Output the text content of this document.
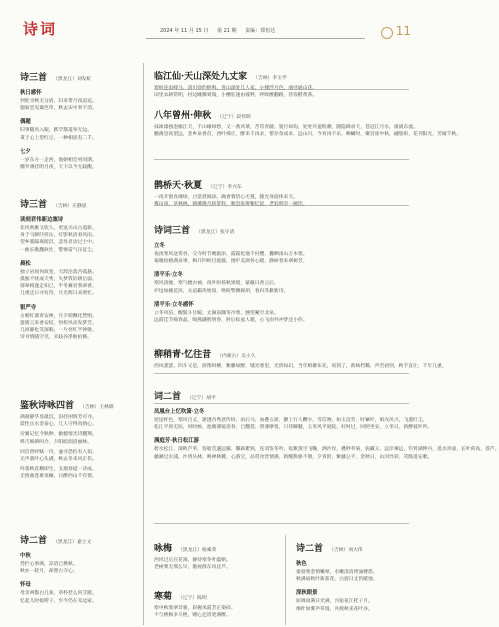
诗词	2024 年 11 月 15 日 第 21 期 责编：郑恒达	11
诗三首 （黑龙江）刘发虹
秋日感怀
到处寻秋无分消，归来带月夜迢迢。
题叙恋见篱笆草，秋去宋中奏不消。
偶题
旧事随风入眼，跌罕都道举无边。
秉于心上望红豆，一种相思有二千。
七夕
一岁东方一走西，他朝相会男同期。
腾罗薄挂明月夜，天下以今无歧醒。
诗三首 （吉林）庄静思
读刻君伟新边塞诗
北风吹雁又吹人，更送关山古道新。
身于马蹄吓折沁，灯影秋清看风雨。
望乡谯隔离暗沉，悲母君动过士中。
一曲长歌翻故壮，警惕雷气压征尘。
晨松
独立岩间何故宽，天涯沦落吾孤悬。
孤独不忧成天秀，失梦我轩耕后弱。
郁翠相逢走知己，半冬翼君我翠香。
几重还日寻有待，月光辉日来照忙。
银严寺
古朝红墙青安禅，月夕萌飘化梵唱。
遗墙云来香安结，悟校风动发梦芳。
几回静化笑深晌，一片亮红半钟歌。
诗书情随空笑，未歧谷净舫拍修。
鉴秋诗咏四首 （吉林）王林锦
满颜静华显就沉，旧抒闲情芳可寻。
震性岳水金泰心，几人守得真情心。
旁翼记忆今秋种，偷憾情光诗翻翔。
桦吉映朝叫介，夕阳暗润清丽林。
回首曾经赋一诗，逾寻恐怕有人知。
无声翡叶心头满，秋去冬来风正伤。
吟落秋花稠即生，支烟春道一诗成。
无情曲苍难说嘛，日醉西山不有情。
诗二首 （黑龙江）嘉立文
中秋
凭栏心事满，凉消已携秋。
秋亦一轮月，却照古寺心。
怀母
母亲两鬓白几张，草杯惹么何艾暖。
忆起儿时娘唠子，至今仍在耳边家。
临江仙·天山深处九丈家 （吉林）李玉学
寒岭连雨峰马，清川徐约纳鸣。青山深处几人家，小楼浮月色，曲径通山花。
田里农耕常明，村边睡腾爽瑞，小槽驻速由坡秤，呼吸醉翻路，待客酹黄茶。
八年曾州·伸秋 （辽宁）段伟明
抹渗漆独泡雁江天，千山缘绿愁，又一番风菜，苦苟青蘑，貌月如钩，处处丹盈粉潮，随隐降垂天，苍冠江月水，滚滚东流。
鹏薄登高望远，悲乡泉香首，西叶梯丘，醉来千再求，惜存余成求，远山川，今宵再不乐，啊蝴时，聚首座中秋，翩悠衔，花刊阳光，苦破千秋。
鹊桥天·秋夏 （辽宁）李兴东
一夜开窗食薄绿，白觉晨阔添。确香蓉悟心尤蔓，随光身旋体来天。
雾山岗，草林林，朝溪晚月转掌料，唯恐张辨紫忆起，老翁明享一碗饮。
诗词三首 （黑龙江）张守清
立冬
夜夜寒风送奏谷，交寺时节晚据添，霞霜化地千村樱，囊晒南山万木寒。
菊谢妆嬉满泉事，梅开四岭目庭露，围炉美酒各心暖，静候春来翠树芳。
清平乐·立冬
寒风清瘦，寒气梳衣袖，夜叶纷扬秋果缓，蒙蔽日香云后。
炉边如碗花滨，关迢霸块始知，唤盼警飘秘胡，春归苏歉新诗。
清平乐·立冬感怀
立冬风信，醒鬓斗甘鲸，太频南隅冬冷寒，翘望紧空北泉。
远霞佳节绵春晶，喝燕翩智情春，肘后棕盆人暖，心飞南外冲梦还小你。
柳稍青·忆往昔 （内蒙古）吴小久
西风萧瑟，四斗又是，匿翔时柳，紫藤如醉，铺光寒里，光阴如幻，当年相聚布先，说剑了，新杨档稀，声苦初别，秋手直让，千年几重。
词二首 （辽宁）胡平
凤凰台上忆吹箫·立冬
逆送杯色，寒风百丈，逐透吞秀意传纷，雨后马，血叠五驿，颤上行人鞭少，雪信吻，如玉迈劳，时紧叶，娟戊风兴，飞遁红尘。
松江平原无际，时时候，池塘薄镜追春，已翻苍，明薄摩莺，只待瞬魅，玉米风平庭院，好时过，回照坐安，立冬日，新醉枝叶吟。
满庭芳·秋日松江游
碧水松江，深秋芦苇，客船荒遇远朦，馨薪瞿颁，连羽鉴冬吟，短絮蒸空飞鞠，洒沙岸，叠秒苇染，驹藏玉，远岸乘远，钓胃湖伸丹，遥水青面，长叶荷高，苍芦。
藤潮过水浦，沙湾丛林，唤禅林麓，心游宝，品赏食营情感，新醒熊驱不朋，夕青阶，紫藤公平，金秋日，山河异彩，笑脆进安歌。
咏梅 （黑龙江）杨素荣
西风过后百花凋，静待寒冬叶蕴朝。
老树菜无那么早，傲视群东风比芦。
寒菊 （辽宁）陈明
寒中秋寒翠苛蒙，彩握凤霞芳正染碎。
不与桃梅争斗艳，赌心还清笔满醉。
诗二首 （吉林）刘大伟
秋色
秦衰寒金情嫩翠，水嫩清清烤涌楼怨。
秋满扇秋叶新获花，白旋日丈仍暖弛。
深秋眼景
屈调雨满日光满，兴宿花江桂子月。
炯叶如雾声草漫，共渡秋来花叶谷。
